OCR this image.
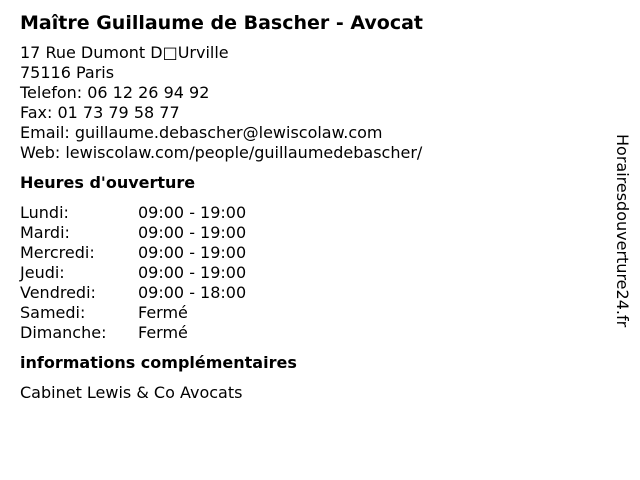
Maître Guillaume de Bascher - Avocat
17 Rue Dumont D□Urville
75116 Paris
Telefon: 06 12 26 94 92
Fax: 01 73 79 58 77
Email: guillaume.debascher@lewiscolaw.com
Web: lewiscolaw.com/people/guillaumedebascher/
Heures d'ouverture
Lundi:	09:00 - 19:00
Mardi:	09:00 - 19:00
Mercredi:	09:00 - 19:00
Jeudi:	09:00 - 19:00
Vendredi:	09:00 - 18:00
Samedi:	Fermé
Dimanche:	Fermé
informations complémentaires
Cabinet Lewis & Co Avocats
Horairesdouverture24.fr
